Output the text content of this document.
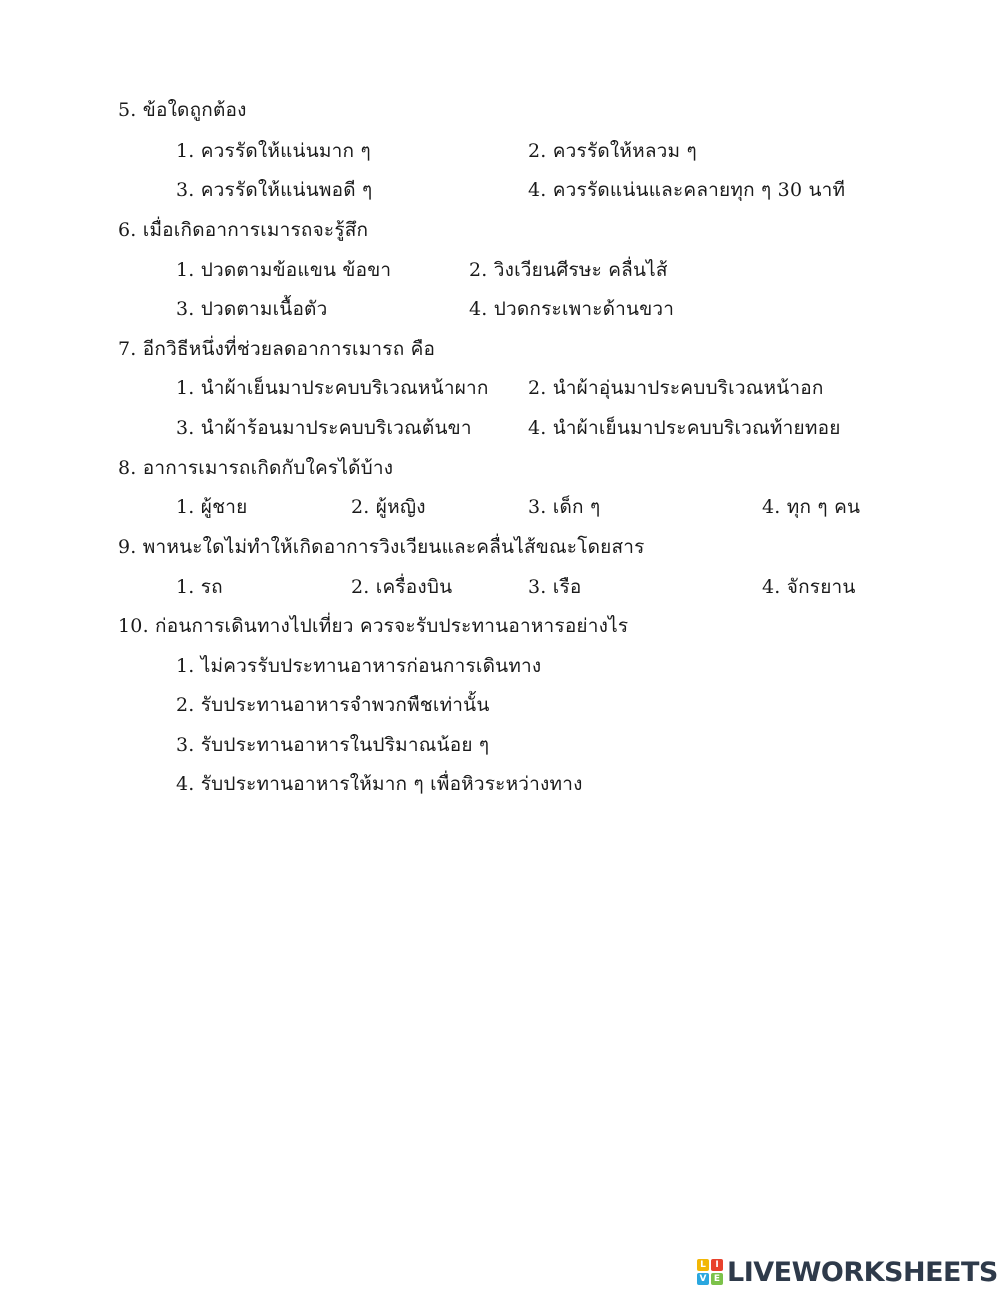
5. ข้อใดถูกต้อง
1. ควรรัดให้แน่นมาก ๆ	2. ควรรัดให้หลวม ๆ
3. ควรรัดให้แน่นพอดี ๆ	4. ควรรัดแน่นและคลายทุก ๆ 30 นาที
6. เมื่อเกิดอาการเมารถจะรู้สึก
1. ปวดตามข้อแขน ข้อขา	2. วิงเวียนศีรษะ คลื่นไส้
3. ปวดตามเนื้อตัว	4. ปวดกระเพาะด้านขวา
7. อีกวิธีหนึ่งที่ช่วยลดอาการเมารถ คือ
1. นำผ้าเย็นมาประคบบริเวณหน้าผาก 2. นำผ้าอุ่นมาประคบบริเวณหน้าอก
3. นำผ้าร้อนมาประคบบริเวณต้นขา	4. นำผ้าเย็นมาประคบบริเวณท้ายทอย
8. อาการเมารถเกิดกับใครได้บ้าง
1. ผู้ชาย	2. ผู้หญิง	3. เด็ก ๆ	4. ทุก ๆ คน
9. พาหนะใดไม่ทำให้เกิดอาการวิงเวียนและคลื่นไส้ขณะโดยสาร
1. รถ	2. เครื่องบิน	3. เรือ	4. จักรยาน
10. ก่อนการเดินทางไปเที่ยว ควรจะรับประทานอาหารอย่างไร
1. ไม่ควรรับประทานอาหารก่อนการเดินทาง
2. รับประทานอาหารจำพวกพืชเท่านั้น
3. รับประทานอาหารในปริมาณน้อย ๆ
4. รับประทานอาหารให้มาก ๆ เพื่อหิวระหว่างทาง
L	I
V E LIVEWORKSHEETS
